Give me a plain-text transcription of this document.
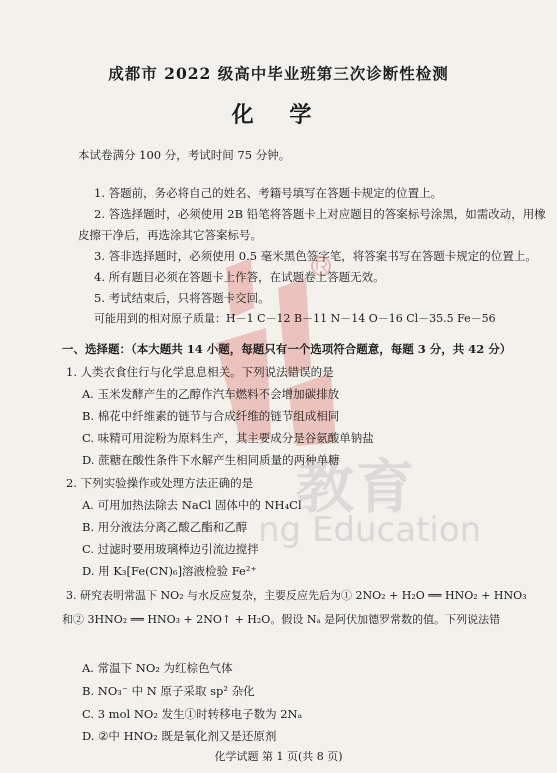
教育
ng Education
成都市 2022 级高中毕业班第三次诊断性检测
化 学
本试卷满分 100 分，考试时间 75 分钟。
1. 答题前，务必将自己的姓名、考籍号填写在答题卡规定的位置上。
2. 答选择题时，必须使用 2B 铅笔将答题卡上对应题目的答案标号涂黑，如需改动，用橡
皮擦干净后，再选涂其它答案标号。
3. 答非选择题时，必须使用 0.5 毫米黑色签字笔，将答案书写在答题卡规定的位置上。
4. 所有题目必须在答题卡上作答，在试题卷上答题无效。
5. 考试结束后，只将答题卡交回。
可能用到的相对原子质量：H－1 C－12 B－11 N－14 O－16 Cl－35.5 Fe－56
一、选择题：（本大题共 14 小题，每题只有一个选项符合题意，每题 3 分，共 42 分）
1. 人类衣食住行与化学息息相关。下列说法错误的是
A. 玉米发酵产生的乙醇作汽车燃料不会增加碳排放
B. 棉花中纤维素的链节与合成纤维的链节组成相同
C. 味精可用淀粉为原料生产，其主要成分是谷氨酸单钠盐
D. 蔗糖在酸性条件下水解产生相同质量的两种单糖
2. 下列实验操作或处理方法正确的是
A. 可用加热法除去 NaCl 固体中的 NH₄Cl
B. 用分液法分离乙酸乙酯和乙醇
C. 过滤时要用玻璃棒边引流边搅拌
D. 用 K₃[Fe(CN)₆]溶液检验 Fe²⁺
3. 研究表明常温下 NO₂ 与水反应复杂，主要反应先后为① 2NO₂ + H₂O ══ HNO₂ + HNO₃
和② 3HNO₂ ══ HNO₃ + 2NO↑ + H₂O。假设 Nₐ 是阿伏加德罗常数的值。下列说法错
A. 常温下 NO₂ 为红棕色气体
B. NO₃⁻ 中 N 原子采取 sp² 杂化
C. 3 mol NO₂ 发生①时转移电子数为 2Nₐ
D. ②中 HNO₂ 既是氧化剂又是还原剂
化学试题 第 1 页(共 8 页)
